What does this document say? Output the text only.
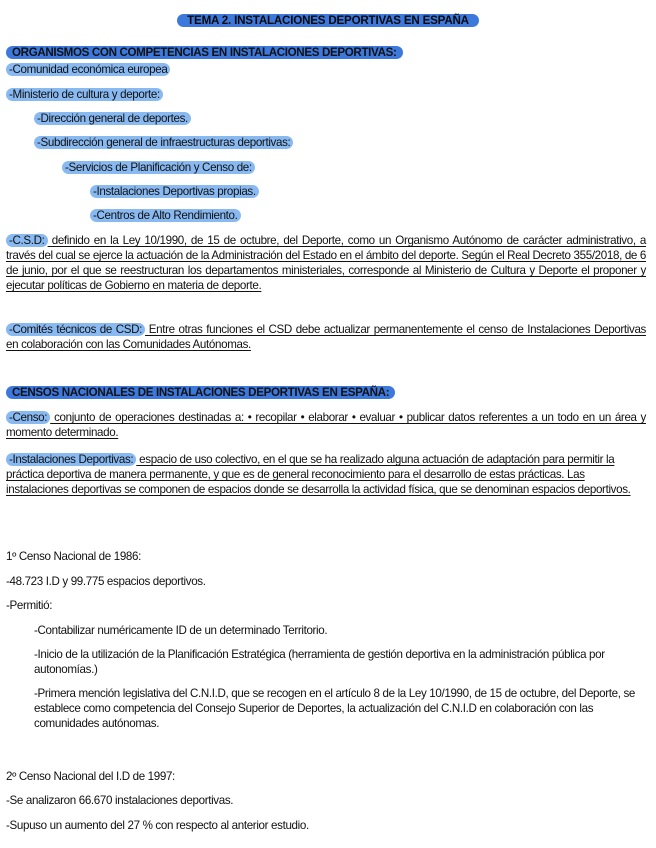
TEMA 2. INSTALACIONES DEPORTIVAS EN ESPAÑA
ORGANISMOS CON COMPETENCIAS EN INSTALACIONES DEPORTIVAS:
-Comunidad económica europea
-Ministerio de cultura y deporte:
-Dirección general de deportes.
-Subdirección general de infraestructuras deportivas:
-Servicios de Planificación y Censo de:
-Instalaciones Deportivas propias.
-Centros de Alto Rendimiento.
-C.S.D: definido en la Ley 10/1990, de 15 de octubre, del Deporte, como un Organismo Autónomo de carácter administrativo, a través del cual se ejerce la actuación de la Administración del Estado en el ámbito del deporte. Según el Real Decreto 355/2018, de 6 de junio, por el que se reestructuran los departamentos ministeriales, corresponde al Ministerio de Cultura y Deporte el proponer y ejecutar políticas de Gobierno en materia de deporte.
-Comités técnicos de CSD: Entre otras funciones el CSD debe actualizar permanentemente el censo de Instalaciones Deportivas en colaboración con las Comunidades Autónomas.
CENSOS NACIONALES DE INSTALACIONES DEPORTIVAS EN ESPAÑA:
-Censo: conjunto de operaciones destinadas a: • recopilar • elaborar • evaluar • publicar datos referentes a un todo en un área y momento determinado.
-Instalaciones Deportivas: espacio de uso colectivo, en el que se ha realizado alguna actuación de adaptación para permitir la práctica deportiva de manera permanente, y que es de general reconocimiento para el desarrollo de estas prácticas. Las instalaciones deportivas se componen de espacios donde se desarrolla la actividad física, que se denominan espacios deportivos.
1º Censo Nacional de 1986:
-48.723 I.D y 99.775 espacios deportivos.
-Permitió:
-Contabilizar numéricamente ID de un determinado Territorio.
-Inicio de la utilización de la Planificación Estratégica (herramienta de gestión deportiva en la administración pública por autonomías.)
-Primera mención legislativa del C.N.I.D, que se recogen en el artículo 8 de la Ley 10/1990, de 15 de octubre, del Deporte, se establece como competencia del Consejo Superior de Deportes, la actualización del C.N.I.D en colaboración con las comunidades autónomas.
2º Censo Nacional del I.D de 1997:
-Se analizaron 66.670 instalaciones deportivas.
-Supuso un aumento del 27 % con respecto al anterior estudio.
